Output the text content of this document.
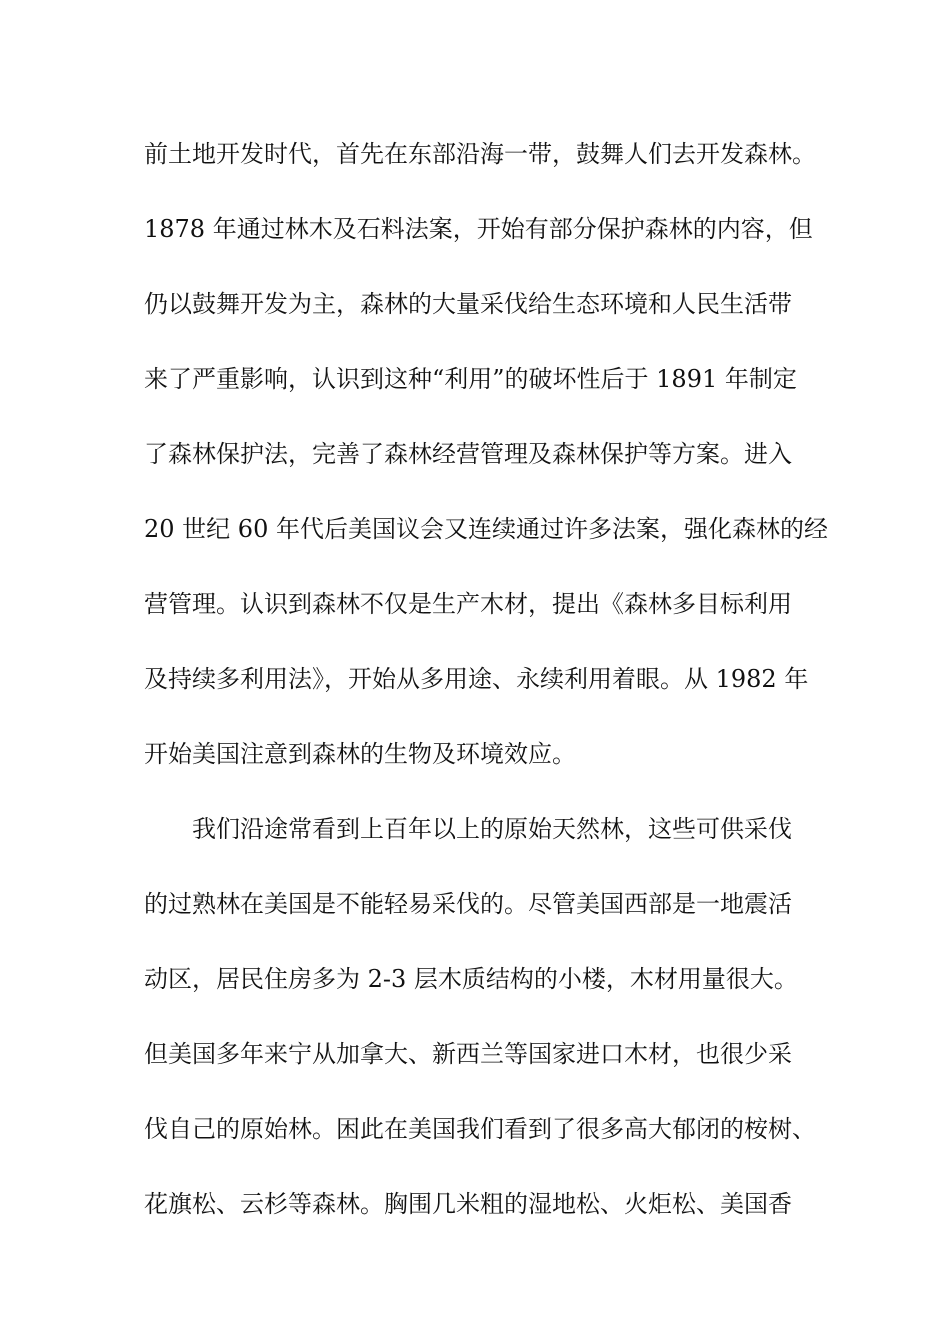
前土地开发时代，首先在东部沿海一带，鼓舞人们去开发森林。
1878 年通过林木及石料法案，开始有部分保护森林的内容，但
仍以鼓舞开发为主，森林的大量采伐给生态环境和人民生活带
来了严重影响，认识到这种“利用”的破坏性后于 1891 年制定
了森林保护法，完善了森林经营管理及森林保护等方案。进入
20 世纪 60 年代后美国议会又连续通过许多法案，强化森林的经
营管理。认识到森林不仅是生产木材，提出《森林多目标利用
及持续多利用法》，开始从多用途、永续利用着眼。从 1982 年
开始美国注意到森林的生物及环境效应。
我们沿途常看到上百年以上的原始天然林，这些可供采伐
的过熟林在美国是不能轻易采伐的。尽管美国西部是一地震活
动区，居民住房多为 2-3 层木质结构的小楼，木材用量很大。
但美国多年来宁从加拿大、新西兰等国家进口木材，也很少采
伐自己的原始林。困此在美国我们看到了很多高大郁闭的桉树、
花旗松、云杉等森林。胸围几米粗的湿地松、火炬松、美国香
